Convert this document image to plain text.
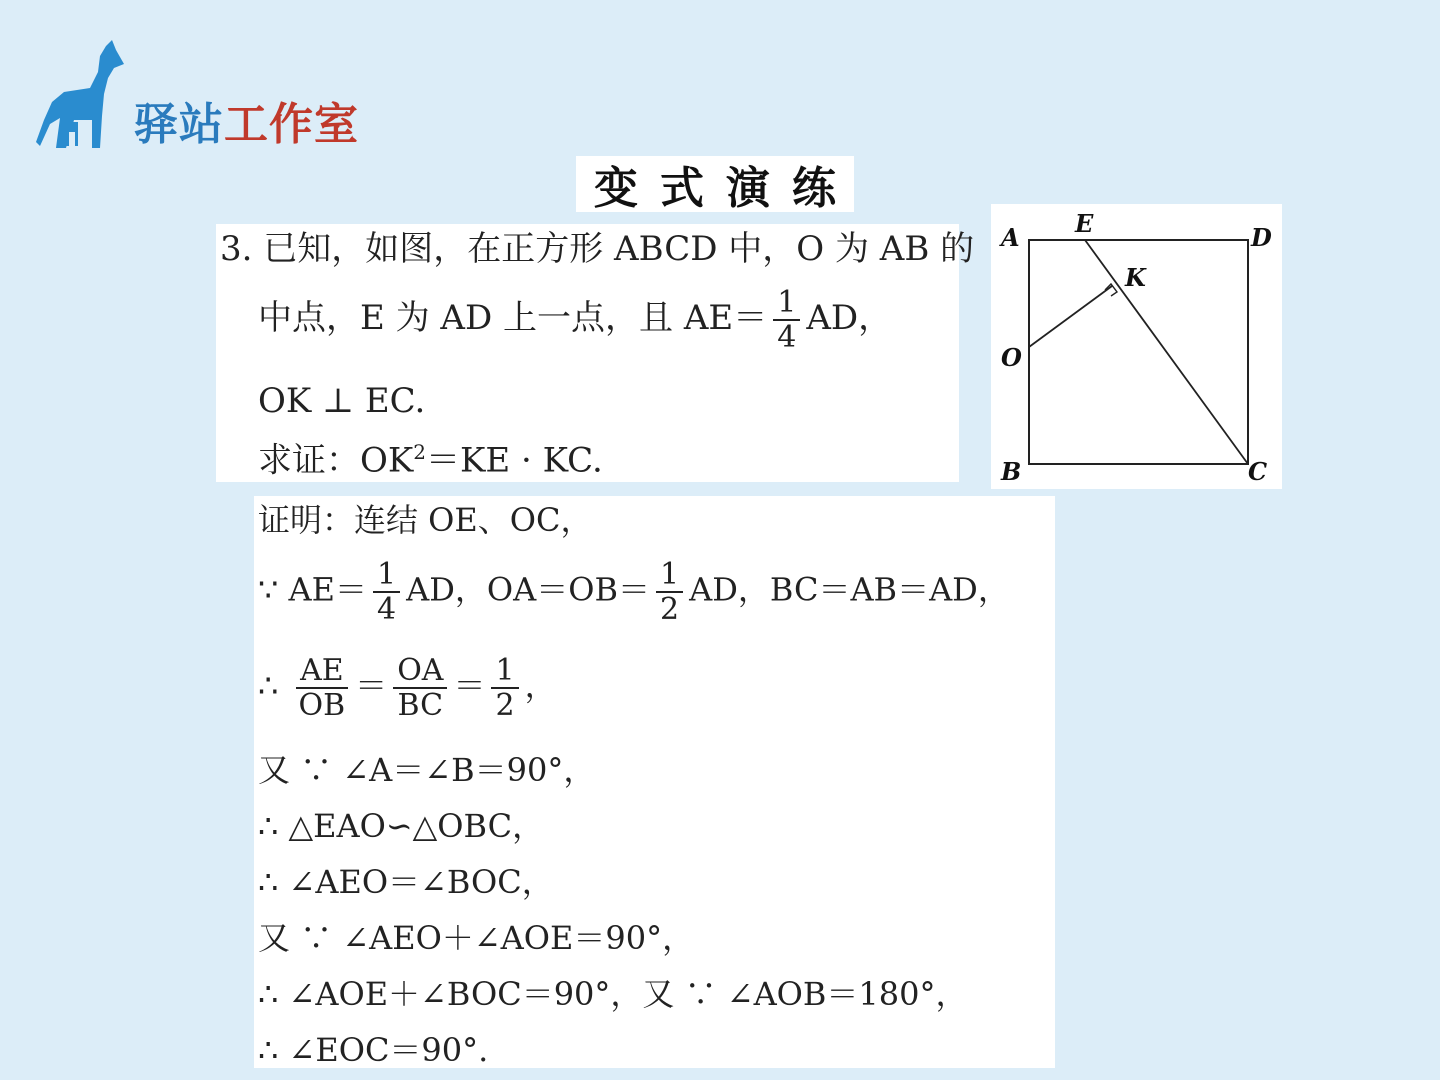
驿站工作室
变式演练
3. 已知，如图，在正方形 ABCD 中，O 为 AB 的
中点，E 为 AD 上一点，且 $AE= \frac{1}{4}$ AD，
OK ⊥ EC.
求证：$OK^2=KE$ · KC.
A E	D
K
O
B	C
证明：连结 OE、OC，
∵ $AE= \frac{1}{4}$ AD，$OA=OB= \frac{1}{2}$ AD，BC＝AB＝AD，
∴ $\frac{AE}{OB} = \frac{OA}{BC} = \frac{1}{2}$ ，
又 ∵ ∠A＝∠B＝90°，
∴ △EAO∽△OBC，
∴ ∠AEO＝∠BOC，
又 ∵ ∠AEO＋∠AOE＝90°，
∴ ∠AOE＋∠BOC＝90°，又 ∵ ∠AOB＝180°，
∴ ∠EOC＝90°.
